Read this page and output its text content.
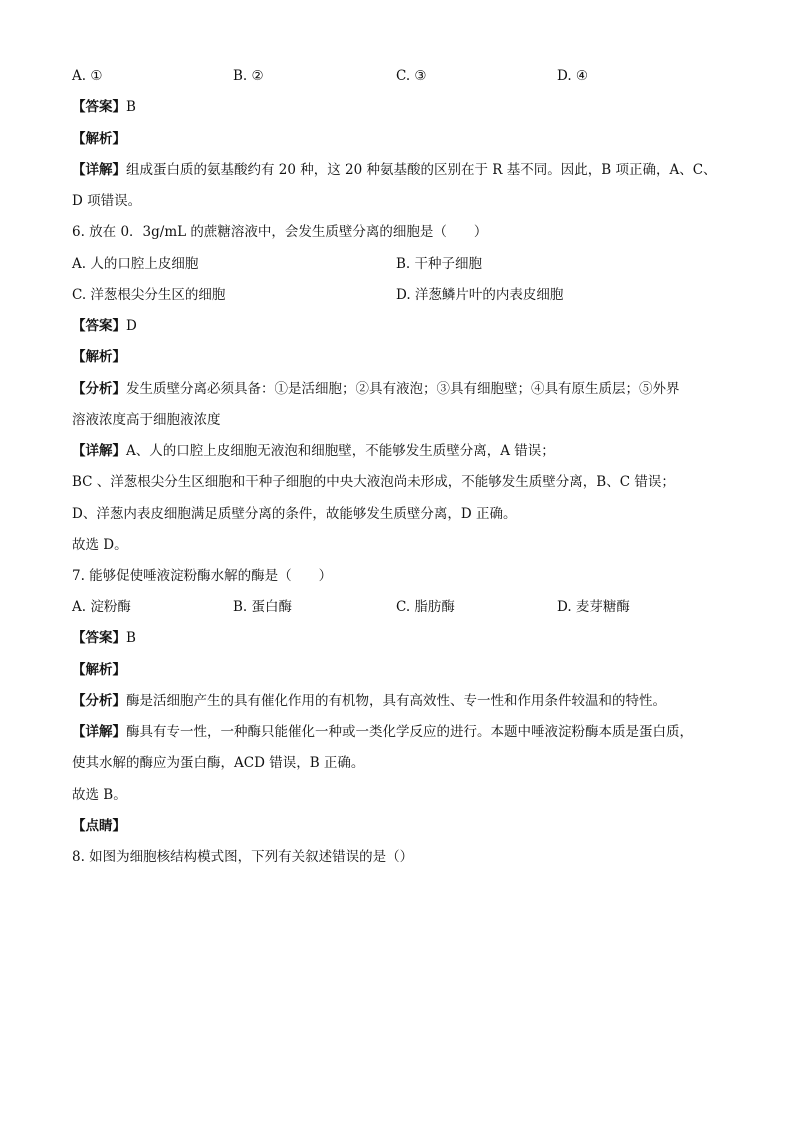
A. ①	B. ②	C. ③	D. ④
【答案】B
【解析】
【详解】组成蛋白质的氨基酸约有 20 种，这 20 种氨基酸的区别在于 R 基不同。因此，B 项正确，A、C、
D 项错误。
6. 放在 0．3g/mL 的蔗糖溶液中，会发生质壁分离的细胞是（　　）
A. 人的口腔上皮细胞	B. 干种子细胞
C. 洋葱根尖分生区的细胞	D. 洋葱鳞片叶的内表皮细胞
【答案】D
【解析】
【分析】发生质壁分离必须具备：①是活细胞；②具有液泡；③具有细胞壁；④具有原生质层；⑤外界
溶液浓度高于细胞液浓度
【详解】A、人的口腔上皮细胞无液泡和细胞壁，不能够发生质壁分离，A 错误；
BC 、洋葱根尖分生区细胞和干种子细胞的中央大液泡尚未形成，不能够发生质壁分离，B、C 错误；
D、洋葱内表皮细胞满足质壁分离的条件，故能够发生质壁分离，D 正确。
故选 D。
7. 能够促使唾液淀粉酶水解的酶是（　　）
A. 淀粉酶	B. 蛋白酶	C. 脂肪酶	D. 麦芽糖酶
【答案】B
【解析】
【分析】酶是活细胞产生的具有催化作用的有机物，具有高效性、专一性和作用条件较温和的特性。
【详解】酶具有专一性，一种酶只能催化一种或一类化学反应的进行。本题中唾液淀粉酶本质是蛋白质，
使其水解的酶应为蛋白酶，ACD 错误，B 正确。
故选 B。
【点睛】
8. 如图为细胞核结构模式图，下列有关叙述错误的是（）
